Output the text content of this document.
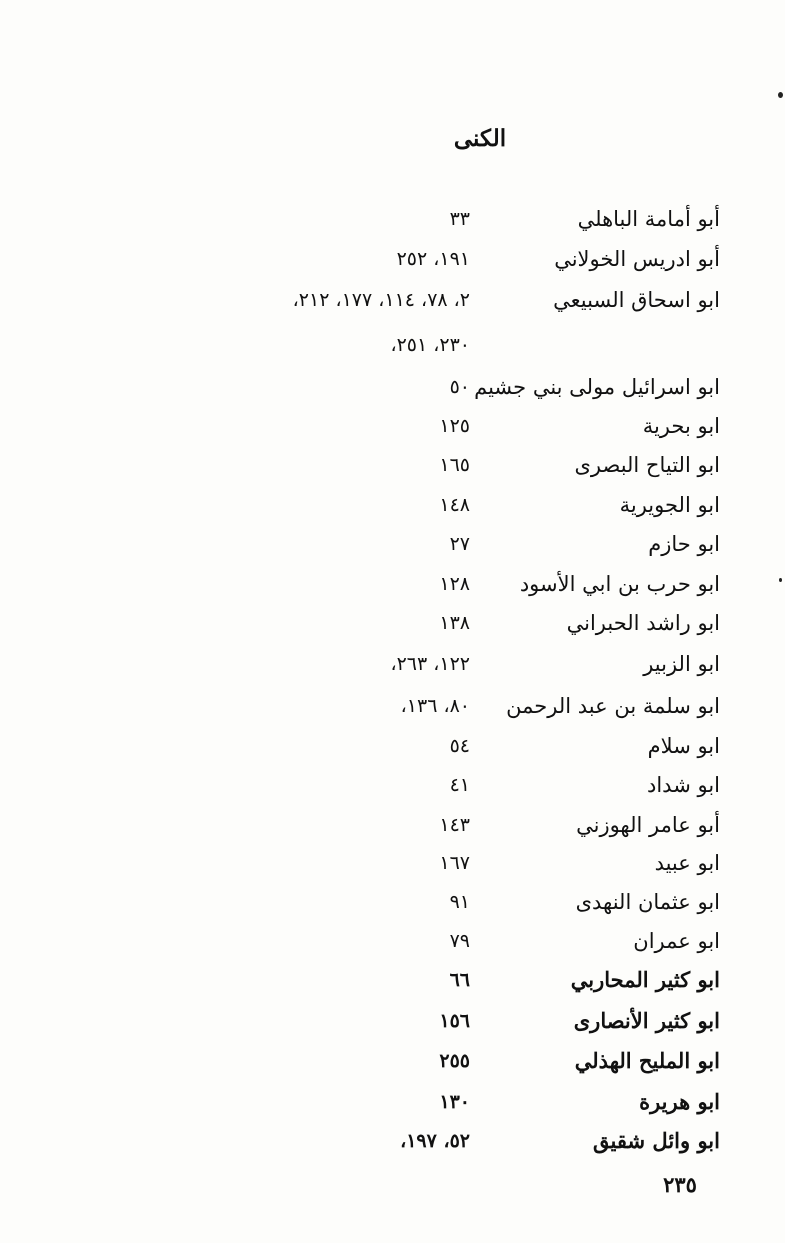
الكنى
أبو أمامة الباهلي
٣٣
أبو ادريس الخولاني
١٩١، ٢٥٢
ابو اسحاق السبيعي
٢، ٧٨، ١١٤، ١٧٧، ٢١٢،
٢٣٠، ٢٥١،
ابو اسرائيل مولى بني جشيم
٥٠
ابو بحرية
١٢٥
ابو التياح البصرى
١٦٥
ابو الجويرية
١٤٨
ابو حازم
٢٧
ابو حرب بن ابي الأسود
١٢٨
ابو راشد الحبراني
١٣٨
ابو الزبير
١٢٢، ٢٦٣،
ابو سلمة بن عبد الرحمن
٨٠، ١٣٦،
ابو سلام
٥٤
ابو شداد
٤١
أبو عامر الهوزني
١٤٣
ابو عبيد
١٦٧
ابو عثمان النهدى
٩١
ابو عمران
٧٩
ابو كثير المحاربي
٦٦
ابو كثير الأنصارى
١٥٦
ابو المليح الهذلي
٢٥٥
ابو هريرة
١٣٠
ابو وائل شقيق
٥٢، ١٩٧،
٢٣٥
